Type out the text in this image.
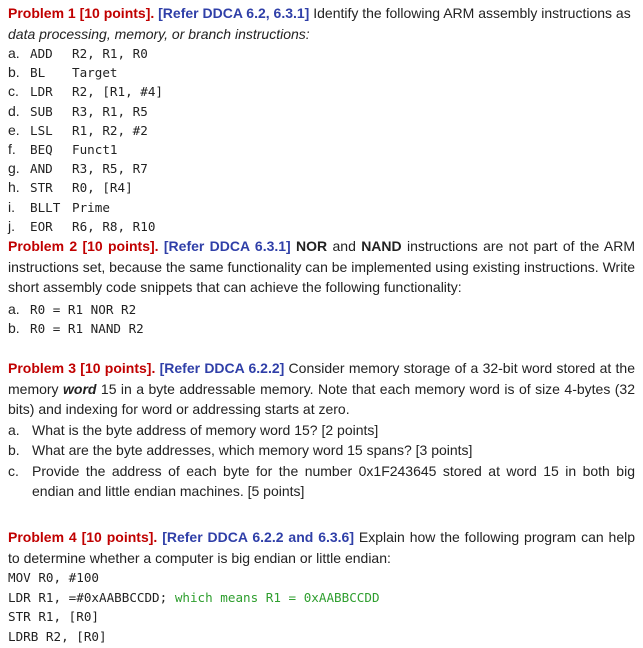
Problem 1 [10 points]. [Refer DDCA 6.2, 6.3.1] Identify the following ARM assembly instructions as
data processing, memory, or branch instructions:
a. ADD	R2, R1, R0
b. BL	Target
c. LDR	R2, [R1, #4]
d. SUB	R3, R1, R5
e. LSL	R1, R2, #2
f.	BEQ	Funct1
g. AND	R3, R5, R7
h. STR	R0, [R4]
i.	BLLT Prime
j.	EOR	R6, R8, R10
Problem 2 [10 points]. [Refer DDCA 6.3.1] NOR and NAND instructions are not part of the ARM instructions set, because the same functionality can be implemented using existing instructions. Write short assembly code snippets that can achieve the following functionality:
a. R0 = R1 NOR R2
b. R0 = R1 NAND R2
Problem 3 [10 points]. [Refer DDCA 6.2.2] Consider memory storage of a 32-bit word stored at the memory word 15 in a byte addressable memory. Note that each memory word is of size 4-bytes (32 bits) and indexing for word or addressing starts at zero.
a. What is the byte address of memory word 15? [2 points]
b. What are the byte addresses, which memory word 15 spans? [3 points]
c. Provide the address of each byte for the number 0x1F243645 stored at word 15 in both big endian and little endian machines. [5 points]
Problem 4 [10 points]. [Refer DDCA 6.2.2 and 6.3.6] Explain how the following program can help to determine whether a computer is big endian or little endian:
MOV R0, #100
LDR R1, =#0xAABBCCDD; which means R1 = 0xAABBCCDD
STR R1, [R0]
LDRB R2, [R0]
